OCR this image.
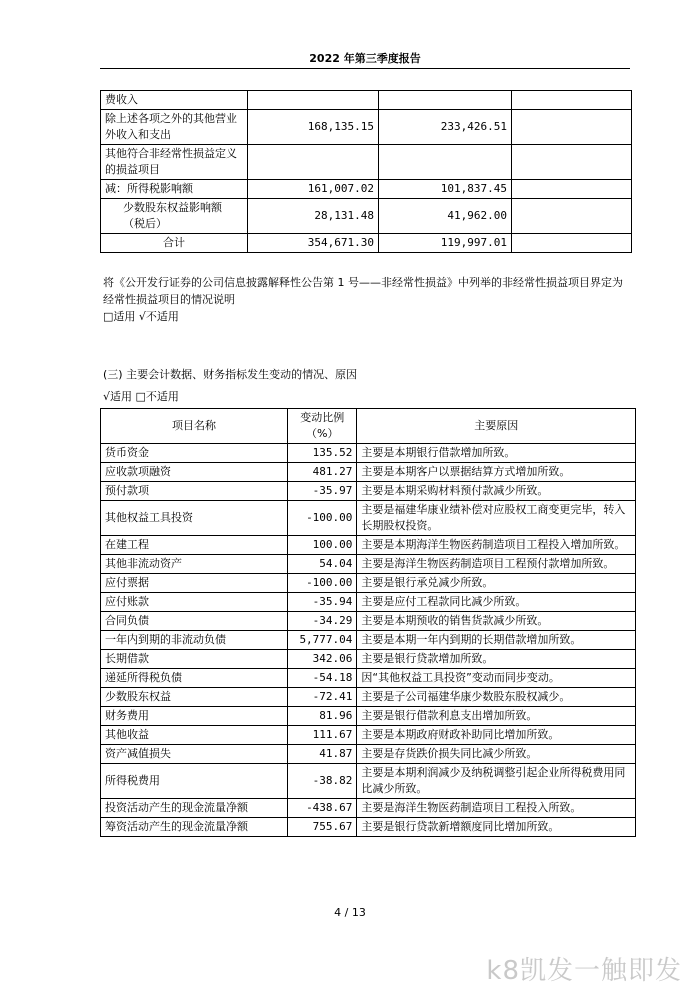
2022 年第三季度报告
费收入			
除上述各项之外的其他营业外收入和支出	168,135.15	233,426.51	
其他符合非经常性损益定义的损益项目			
减：所得税影响额	161,007.02	101,837.45	
少数股东权益影响额（税后）	28,131.48	41,962.00	
合计	354,671.30	119,997.01	
将《公开发行证券的公司信息披露解释性公告第 1 号——非经常性损益》中列举的非经常性损益项目界定为经常性损益项目的情况说明
□适用 √不适用
(三) 主要会计数据、财务指标发生变动的情况、原因
√适用 □不适用
项目名称	变动比例（%）	主要原因
货币资金	135.52	主要是本期银行借款增加所致。
应收款项融资	481.27	主要是本期客户以票据结算方式增加所致。
预付款项	-35.97	主要是本期采购材料预付款减少所致。
其他权益工具投资	-100.00	主要是福建华康业绩补偿对应股权工商变更完毕，转入长期股权投资。
在建工程	100.00	主要是本期海洋生物医药制造项目工程投入增加所致。
其他非流动资产	54.04	主要是海洋生物医药制造项目工程预付款增加所致。
应付票据	-100.00	主要是银行承兑减少所致。
应付账款	-35.94	主要是应付工程款同比减少所致。
合同负债	-34.29	主要是本期预收的销售货款减少所致。
一年内到期的非流动负债	5,777.04	主要是本期一年内到期的长期借款增加所致。
长期借款	342.06	主要是银行贷款增加所致。
递延所得税负债	-54.18	因“其他权益工具投资”变动而同步变动。
少数股东权益	-72.41	主要是子公司福建华康少数股东股权减少。
财务费用	81.96	主要是银行借款利息支出增加所致。
其他收益	111.67	主要是本期政府财政补助同比增加所致。
资产减值损失	41.87	主要是存货跌价损失同比减少所致。
所得税费用	-38.82	主要是本期利润减少及纳税调整引起企业所得税费用同比减少所致。
投资活动产生的现金流量净额	-438.67	主要是海洋生物医药制造项目工程投入所致。
筹资活动产生的现金流量净额	755.67	主要是银行贷款新增额度同比增加所致。
4 / 13
k8凯发一触即发
